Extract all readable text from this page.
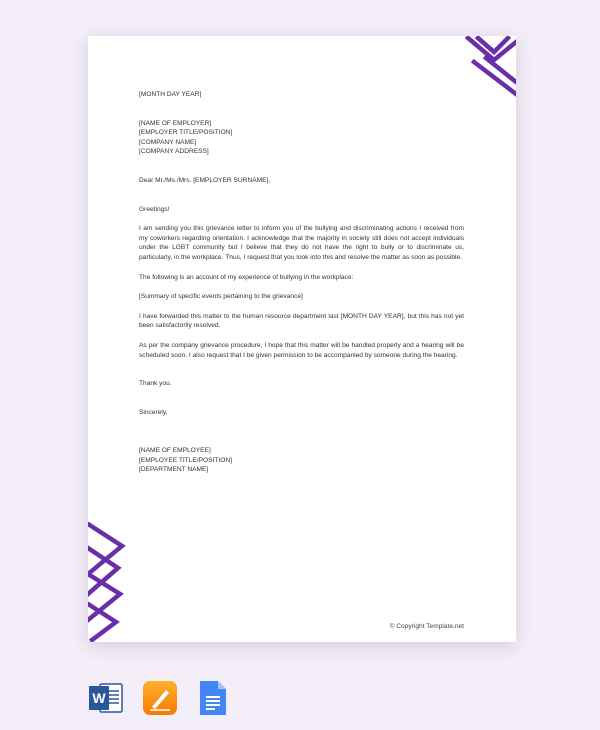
[MONTH DAY YEAR]

[NAME OF EMPLOYER]
[EMPLOYER TITLE/POSITION]
[COMPANY NAME]
[COMPANY ADDRESS]

Dear Mr./Ms./Mrs. [EMPLOYER SURNAME],

Greetings!

I am sending you this grievance letter to inform you of the bullying and discriminating actions I received from my coworkers regarding orientation. I acknowledge that the majority in society still does not accept individuals under the LGBT community but I believe that they do not have the right to bully or to discriminate us, particularly, in the workplace. Thus, I request that you look into this and resolve the matter as soon as possible.

The following is an account of my experience of bullying in the workplace:

[Summary of specific events pertaining to the grievance]

I have forwarded this matter to the human resource department last [MONTH DAY YEAR], but this has not yet been satisfactorily resolved.

As per the company grievance procedure, I hope that this matter will be handled properly and a hearing will be scheduled soon. I also request that I be given permission to be accompanied by someone during the hearing.

Thank you.

Sincerely,

[NAME OF EMPLOYEE]
[EMPLOYEE TITLE/POSITION]
[DEPARTMENT NAME]
© Copyright Template.net
W
